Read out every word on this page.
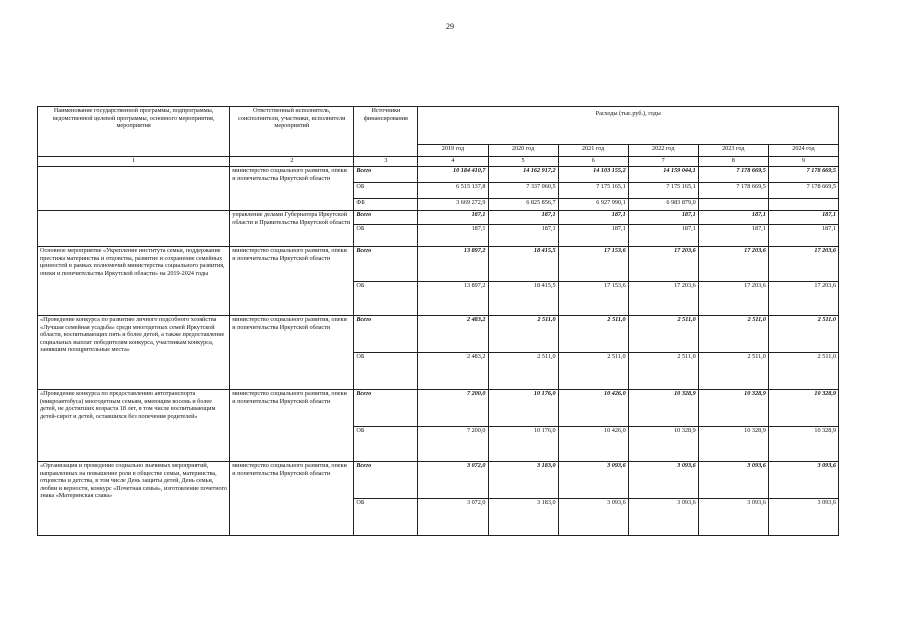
29
Наименование государственной программы, подпрограммы, ведомственной целевой программы, основного мероприятия, мероприятия	Ответственный исполнитель, соисполнители, участники, исполнители мероприятий	Источники финансирования	Расходы (тыс.руб.), годы					
			2019 год	2020 год	2021 год	2022 год	2023 год	2024 год
1	2	3	4	5	6	7	8	9
	министерство социального развития, опеки и попечительства Иркутской области	Всего	10 184 410,7	14 162 917,2	14 103 155,2	14 159 044,1	7 178 669,5	7 178 669,5
		ОБ	6 515 137,8	7 337 060,5	7 175 165,1	7 175 165,1	7 178 669,5	7 178 669,5
		ФБ	3 669 272,9	6 825 856,7	6 927 990,1	6 983 879,0		
	управление делами Губернатора Иркутской области и Правительства Иркутской области	Всего	187,1	187,1	187,1	187,1	187,1	187,1
		ОБ	187,1	187,1	187,1	187,1	187,1	187,1
Основное мероприятие «Укрепление института семьи, поддержание престижа материнства и отцовства, развитие и сохранение семейных ценностей в рамках полномочий министерства социального развития, опеки и попечительства Иркутской области» на 2019-2024 годы	министерство социального развития, опеки и попечительства Иркутской области	Всего	13 897,2	18 415,5	17 153,6	17 203,6	17 203,6	17 203,6
		ОБ	13 897,2	18 415,5	17 153,6	17 203,6	17 203,6	17 203,6
«Проведение конкурса по развитию личного подсобного хозяйства «Лучшая семейная усадьба» среди многодетных семей Иркутской области, воспитывающих пять и более детей, а также предоставление социальных выплат победителям конкурса, участникам конкурса, занявшим поощрительные места»	министерство социального развития, опеки и попечительства Иркутской области	Всего	2 483,2	2 511,0	2 511,0	2 511,0	2 511,0	2 511,0
		ОБ	2 483,2	2 511,0	2 511,0	2 511,0	2 511,0	2 511,0
«Проведение конкурса по предоставлению автотранспорта (микроавтобуса) многодетным семьям, имеющим восемь и более детей, не достигших возраста 18 лет, в том числе воспитывающим детей-сирот и детей, оставшихся без попечения родителей»	министерство социального развития, опеки и попечительства Иркутской области	Всего	7 200,0	10 176,0	10 426,0	10 328,9	10 328,9	10 328,9
		ОБ	7 200,0	10 176,0	10 426,0	10 328,9	10 328,9	10 328,9
«Организация и проведение социально значимых мероприятий, направленных на повышение роли в обществе семьи, материнства, отцовства и детства, в том числе День защиты детей, День семьи, любви и верности, конкурс «Почетная семья», изготовление почетного знака «Материнская слава»	министерство социального развития, опеки и попечительства Иркутской области	Всего	3 072,0	3 183,0	3 093,6	3 093,6	3 093,6	3 093,6
		ОБ	3 072,0	3 183,0	3 093,6	3 093,6	3 093,6	3 093,6
